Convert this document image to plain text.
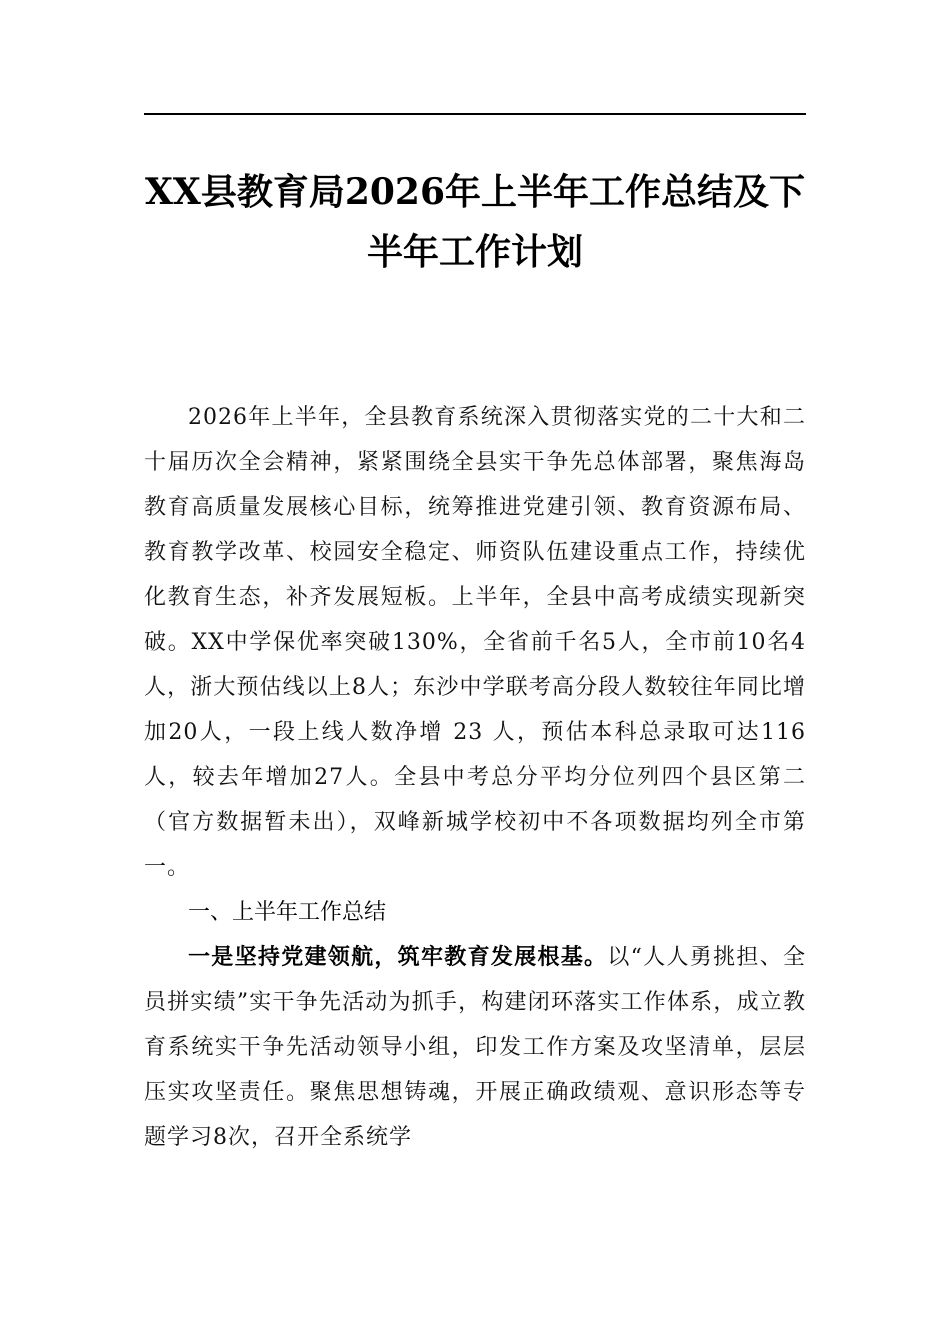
XX县教育局2026年上半年工作总结及下
半年工作计划

2026年上半年，全县教育系统深入贯彻落实党的二十大和二十届历次全会精神，紧紧围绕全县实干争先总体部署，聚焦海岛教育高质量发展核心目标，统筹推进党建引领、教育资源布局、教育教学改革、校园安全稳定、师资队伍建设重点工作，持续优化教育生态，补齐发展短板。上半年，全县中高考成绩实现新突破。XX中学保优率突破130%，全省前千名5人，全市前10名4人，浙大预估线以上8人；东沙中学联考高分段人数较往年同比增加20人，一段上线人数净增 23 人，预估本科总录取可达116人，较去年增加27人。全县中考总分平均分位列四个县区第二（官方数据暂未出），双峰新城学校初中不各项数据均列全市第一。

一、上半年工作总结

一是坚持党建领航，筑牢教育发展根基。以“人人勇挑担、全员拼实绩”实干争先活动为抓手，构建闭环落实工作体系，成立教育系统实干争先活动领导小组，印发工作方案及攻坚清单，层层压实攻坚责任。聚焦思想铸魂，开展正确政绩观、意识形态等专题学习8次，召开全系统学
